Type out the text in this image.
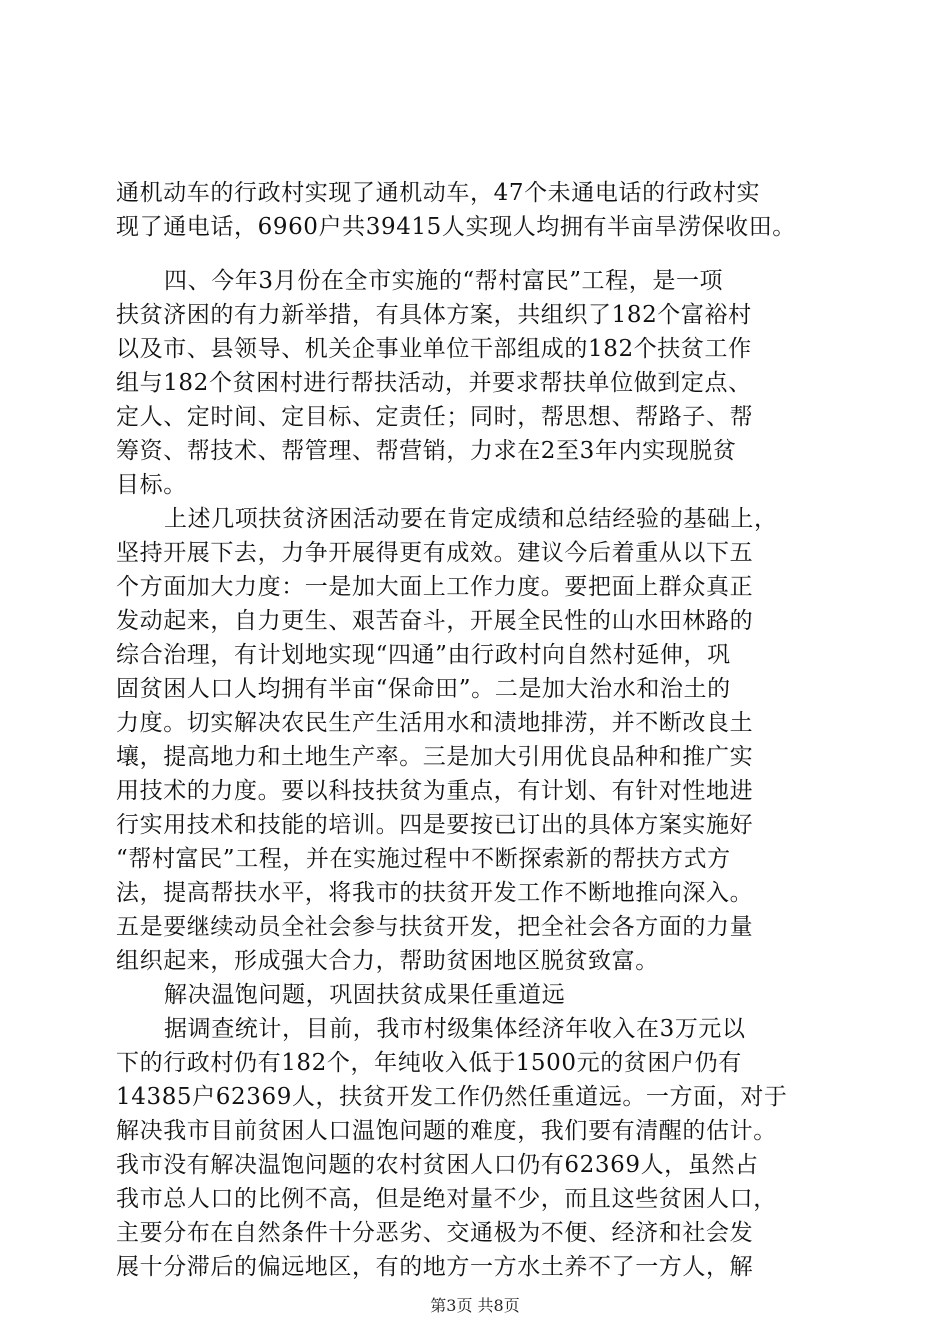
通机动车的行政村实现了通机动车，47个未通电话的行政村实
现了通电话，6960户共39415人实现人均拥有半亩旱涝保收田。
四、今年3月份在全市实施的“帮村富民”工程，是一项
扶贫济困的有力新举措，有具体方案，共组织了182个富裕村
以及市、县领导、机关企事业单位干部组成的182个扶贫工作
组与182个贫困村进行帮扶活动，并要求帮扶单位做到定点、
定人、定时间、定目标、定责任；同时，帮思想、帮路子、帮
筹资、帮技术、帮管理、帮营销，力求在2至3年内实现脱贫
目标。
上述几项扶贫济困活动要在肯定成绩和总结经验的基础上，
坚持开展下去，力争开展得更有成效。建议今后着重从以下五
个方面加大力度：一是加大面上工作力度。要把面上群众真正
发动起来，自力更生、艰苦奋斗，开展全民性的山水田林路的
综合治理，有计划地实现“四通”由行政村向自然村延伸，巩
固贫困人口人均拥有半亩“保命田”。二是加大治水和治土的
力度。切实解决农民生产生活用水和渍地排涝，并不断改良土
壤，提高地力和土地生产率。三是加大引用优良品种和推广实
用技术的力度。要以科技扶贫为重点，有计划、有针对性地进
行实用技术和技能的培训。四是要按已订出的具体方案实施好
“帮村富民”工程，并在实施过程中不断探索新的帮扶方式方
法，提高帮扶水平，将我市的扶贫开发工作不断地推向深入。
五是要继续动员全社会参与扶贫开发，把全社会各方面的力量
组织起来，形成强大合力，帮助贫困地区脱贫致富。
解决温饱问题，巩固扶贫成果任重道远
据调查统计，目前，我市村级集体经济年收入在3万元以
下的行政村仍有182个，年纯收入低于1500元的贫困户仍有
14385户62369人，扶贫开发工作仍然任重道远。一方面，对于
解决我市目前贫困人口温饱问题的难度，我们要有清醒的估计。
我市没有解决温饱问题的农村贫困人口仍有62369人，虽然占
我市总人口的比例不高，但是绝对量不少，而且这些贫困人口，
主要分布在自然条件十分恶劣、交通极为不便、经济和社会发
展十分滞后的偏远地区，有的地方一方水土养不了一方人，解
第3页 共8页
